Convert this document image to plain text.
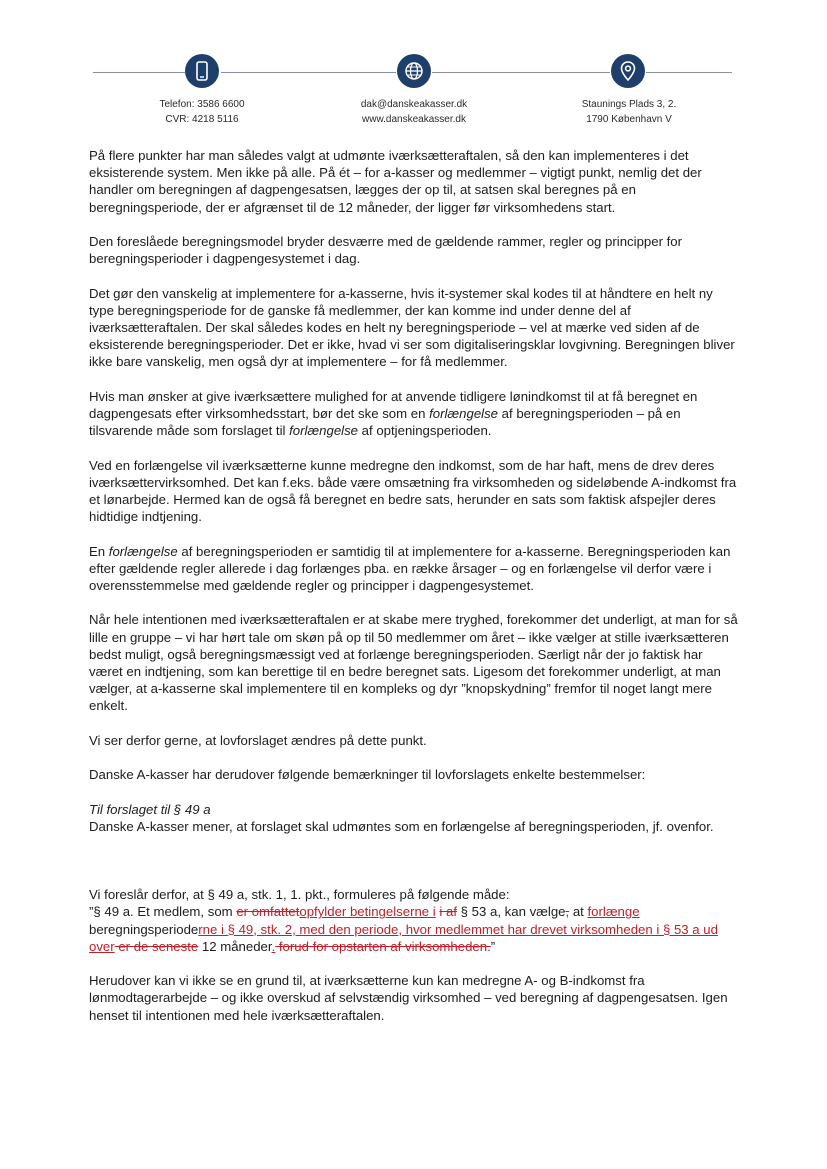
Telefon: 3586 6600
CVR: 4218 5116
dak@danskeakasser.dk
www.danskeakasser.dk
Staunings Plads 3, 2.
1790 København V

På flere punkter har man således valgt at udmønte iværksætteraftalen, så den kan implementeres i det eksisterende system. Men ikke på alle. På ét – for a-kasser og medlemmer – vigtigt punkt, nemlig det der handler om beregningen af dagpengesatsen, lægges der op til, at satsen skal beregnes på en beregningsperiode, der er afgrænset til de 12 måneder, der ligger før virksomhedens start.

Den foreslåede beregningsmodel bryder desværre med de gældende rammer, regler og principper for beregningsperioder i dagpengesystemet i dag.

Det gør den vanskelig at implementere for a-kasserne, hvis it-systemer skal kodes til at håndtere en helt ny type beregningsperiode for de ganske få medlemmer, der kan komme ind under denne del af iværksætteraftalen. Der skal således kodes en helt ny beregningsperiode – vel at mærke ved siden af de eksisterende beregningsperioder. Det er ikke, hvad vi ser som digitaliseringsklar lovgivning. Beregningen bliver ikke bare vanskelig, men også dyr at implementere – for få medlemmer.

Hvis man ønsker at give iværksættere mulighed for at anvende tidligere lønindkomst til at få beregnet en dagpengesats efter virksomhedsstart, bør det ske som en forlængelse af beregningsperioden – på en tilsvarende måde som forslaget til forlængelse af optjeningsperioden.

Ved en forlængelse vil iværksætterne kunne medregne den indkomst, som de har haft, mens de drev deres iværksættervirksomhed. Det kan f.eks. både være omsætning fra virksomheden og sideløbende A-indkomst fra et lønarbejde. Hermed kan de også få beregnet en bedre sats, herunder en sats som faktisk afspejler deres hidtidige indtjening.

En forlængelse af beregningsperioden er samtidig til at implementere for a-kasserne. Beregningsperioden kan efter gældende regler allerede i dag forlænges pba. en række årsager – og en forlængelse vil derfor være i overensstemmelse med gældende regler og principper i dagpengesystemet.

Når hele intentionen med iværksætteraftalen er at skabe mere tryghed, forekommer det underligt, at man for så lille en gruppe – vi har hørt tale om skøn på op til 50 medlemmer om året – ikke vælger at stille iværksætteren bedst muligt, også beregningsmæssigt ved at forlænge beregningsperioden. Særligt når der jo faktisk har været en indtjening, som kan berettige til en bedre beregnet sats. Ligesom det forekommer underligt, at man vælger, at a-kasserne skal implementere til en kompleks og dyr ”knopskydning” fremfor til noget langt mere enkelt.

Vi ser derfor gerne, at lovforslaget ændres på dette punkt.

Danske A-kasser har derudover følgende bemærkninger til lovforslagets enkelte bestemmelser:

Til forslaget til § 49 a

Danske A-kasser mener, at forslaget skal udmøntes som en forlængelse af beregningsperioden, jf. ovenfor.

Vi foreslår derfor, at § 49 a, stk. 1, 1. pkt., formuleres på følgende måde:

”§ 49 a. Et medlem, som er omfattetopfylder betingelserne i i af § 53 a, kan vælge, at forlænge beregningsperioderne i § 49, stk. 2, med den periode, hvor medlemmet har drevet virksomheden i § 53 a ud over er de seneste 12 måneder. forud for opstarten af virksomheden.”

Herudover kan vi ikke se en grund til, at iværksætterne kun kan medregne A- og B-indkomst fra lønmodtagerarbejde – og ikke overskud af selvstændig virksomhed – ved beregning af dagpengesatsen. Igen henset til intentionen med hele iværksætteraftalen.
